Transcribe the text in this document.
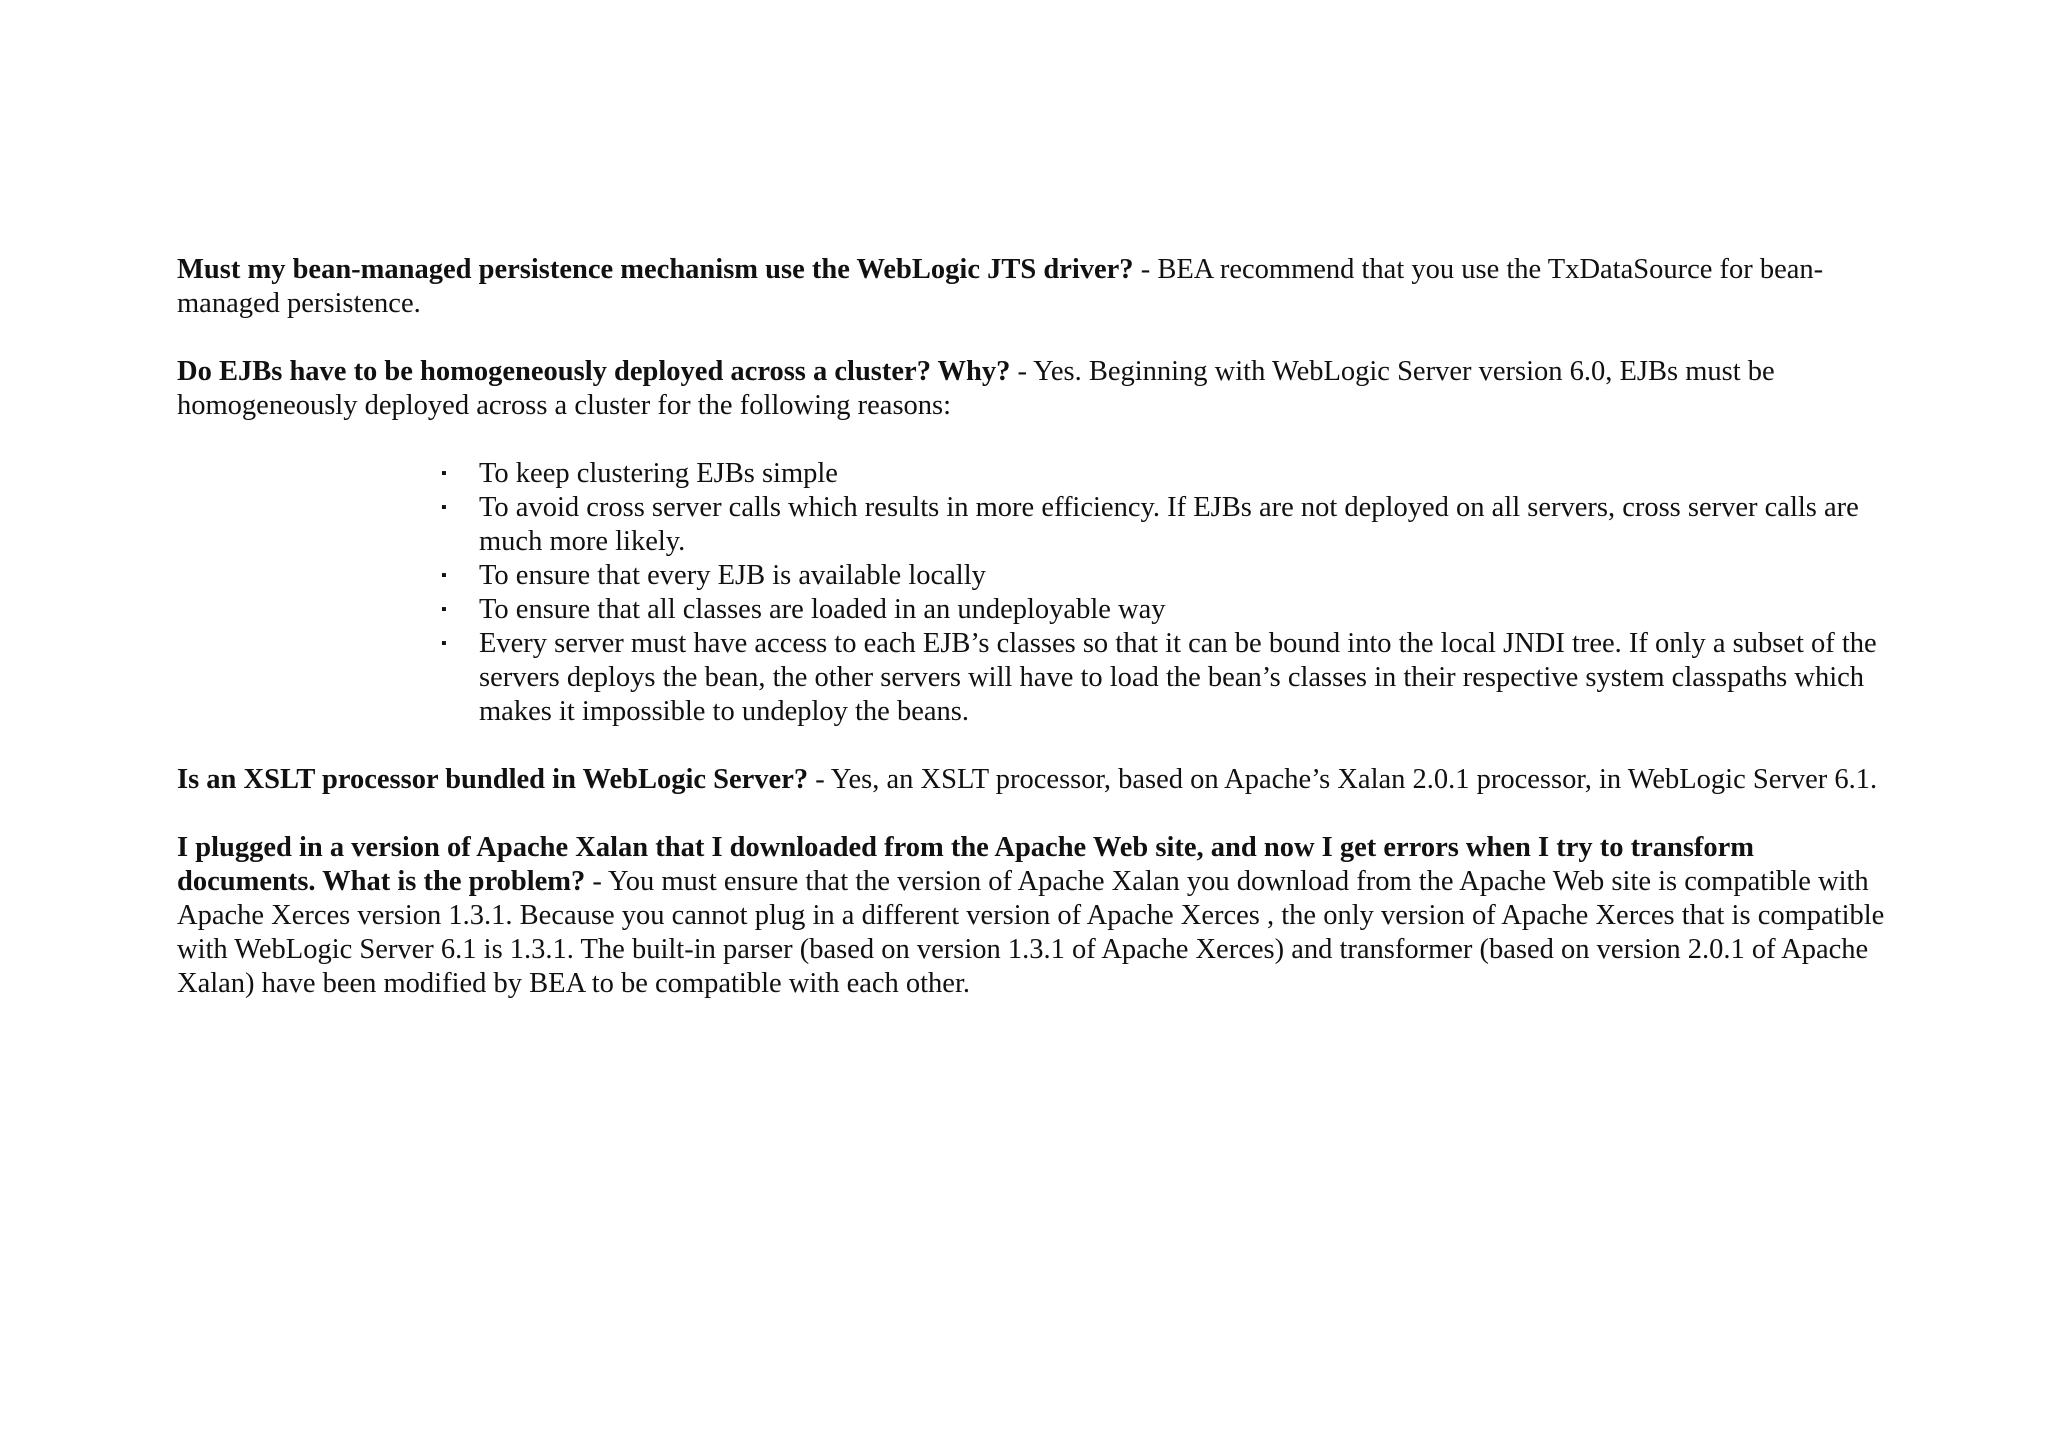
Must my bean-managed persistence mechanism use the WebLogic JTS driver? - BEA recommend that you use the TxDataSource for bean-managed persistence.

Do EJBs have to be homogeneously deployed across a cluster? Why? - Yes. Beginning with WebLogic Server version 6.0, EJBs must be homogeneously deployed across a cluster for the following reasons:

▪ To keep clustering EJBs simple
▪ To avoid cross server calls which results in more efficiency. If EJBs are not deployed on all servers, cross server calls are much more likely.
▪ To ensure that every EJB is available locally
▪ To ensure that all classes are loaded in an undeployable way
▪ Every server must have access to each EJB’s classes so that it can be bound into the local JNDI tree. If only a subset of the servers deploys the bean, the other servers will have to load the bean’s classes in their respective system classpaths which makes it impossible to undeploy the beans.

Is an XSLT processor bundled in WebLogic Server? - Yes, an XSLT processor, based on Apache’s Xalan 2.0.1 processor, in WebLogic Server 6.1.

I plugged in a version of Apache Xalan that I downloaded from the Apache Web site, and now I get errors when I try to transform documents. What is the problem? - You must ensure that the version of Apache Xalan you download from the Apache Web site is compatible with Apache Xerces version 1.3.1. Because you cannot plug in a different version of Apache Xerces , the only version of Apache Xerces that is compatible with WebLogic Server 6.1 is 1.3.1. The built-in parser (based on version 1.3.1 of Apache Xerces) and transformer (based on version 2.0.1 of Apache Xalan) have been modified by BEA to be compatible with each other.
